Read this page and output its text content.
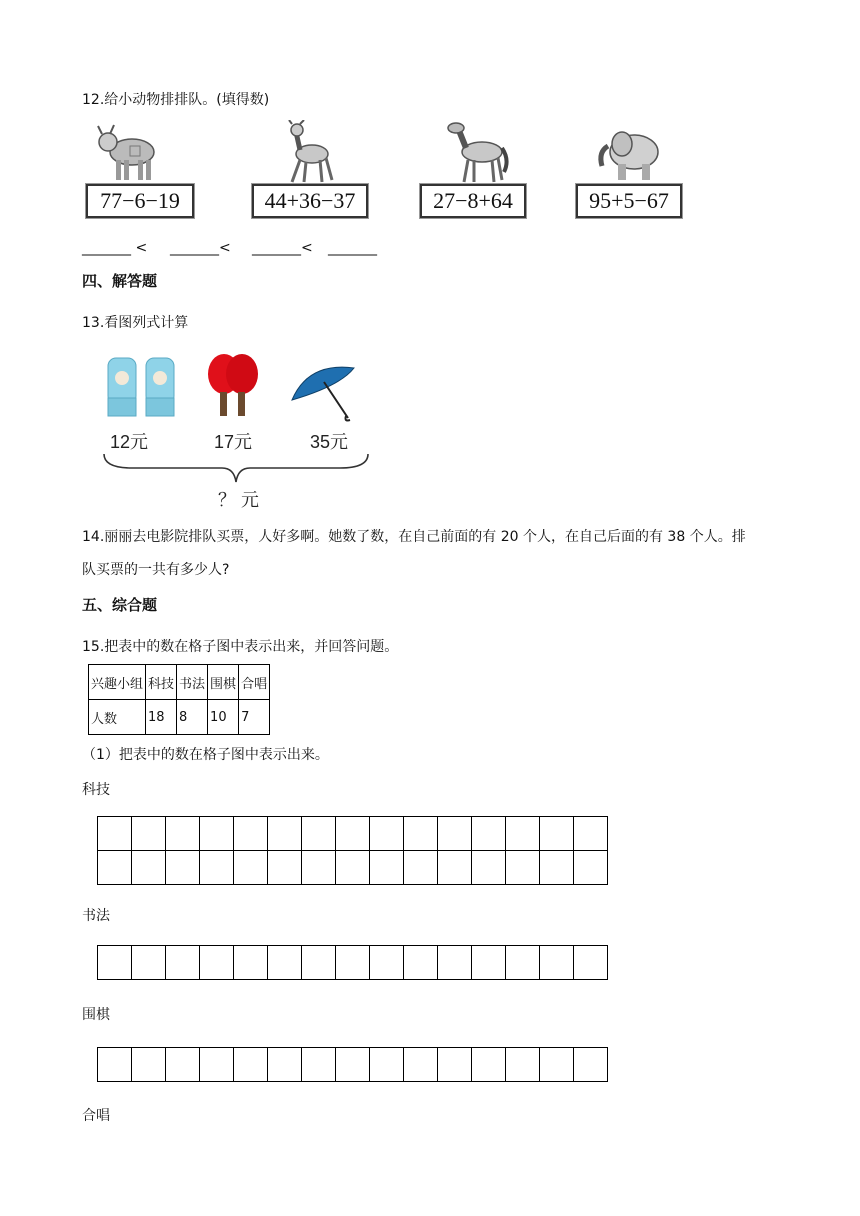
12.给小动物排排队。(填得数)
77−6−19	44+36−37	27−8+64	95+5−67
_______ < _______< _______< _______
四、解答题
13.看图列式计算
12元	17元	35元
？ 元
14.丽丽去电影院排队买票，人好多啊。她数了数，在自己前面的有 20 个人，在自己后面的有 38 个人。排
队买票的一共有多少人?
五、综合题
15.把表中的数在格子图中表示出来，并回答问题。
兴趣小组	科技	书法	围棋	合唱
人数	18	8	10	7
（1）把表中的数在格子图中表示出来。
科技

书法

围棋

合唱
